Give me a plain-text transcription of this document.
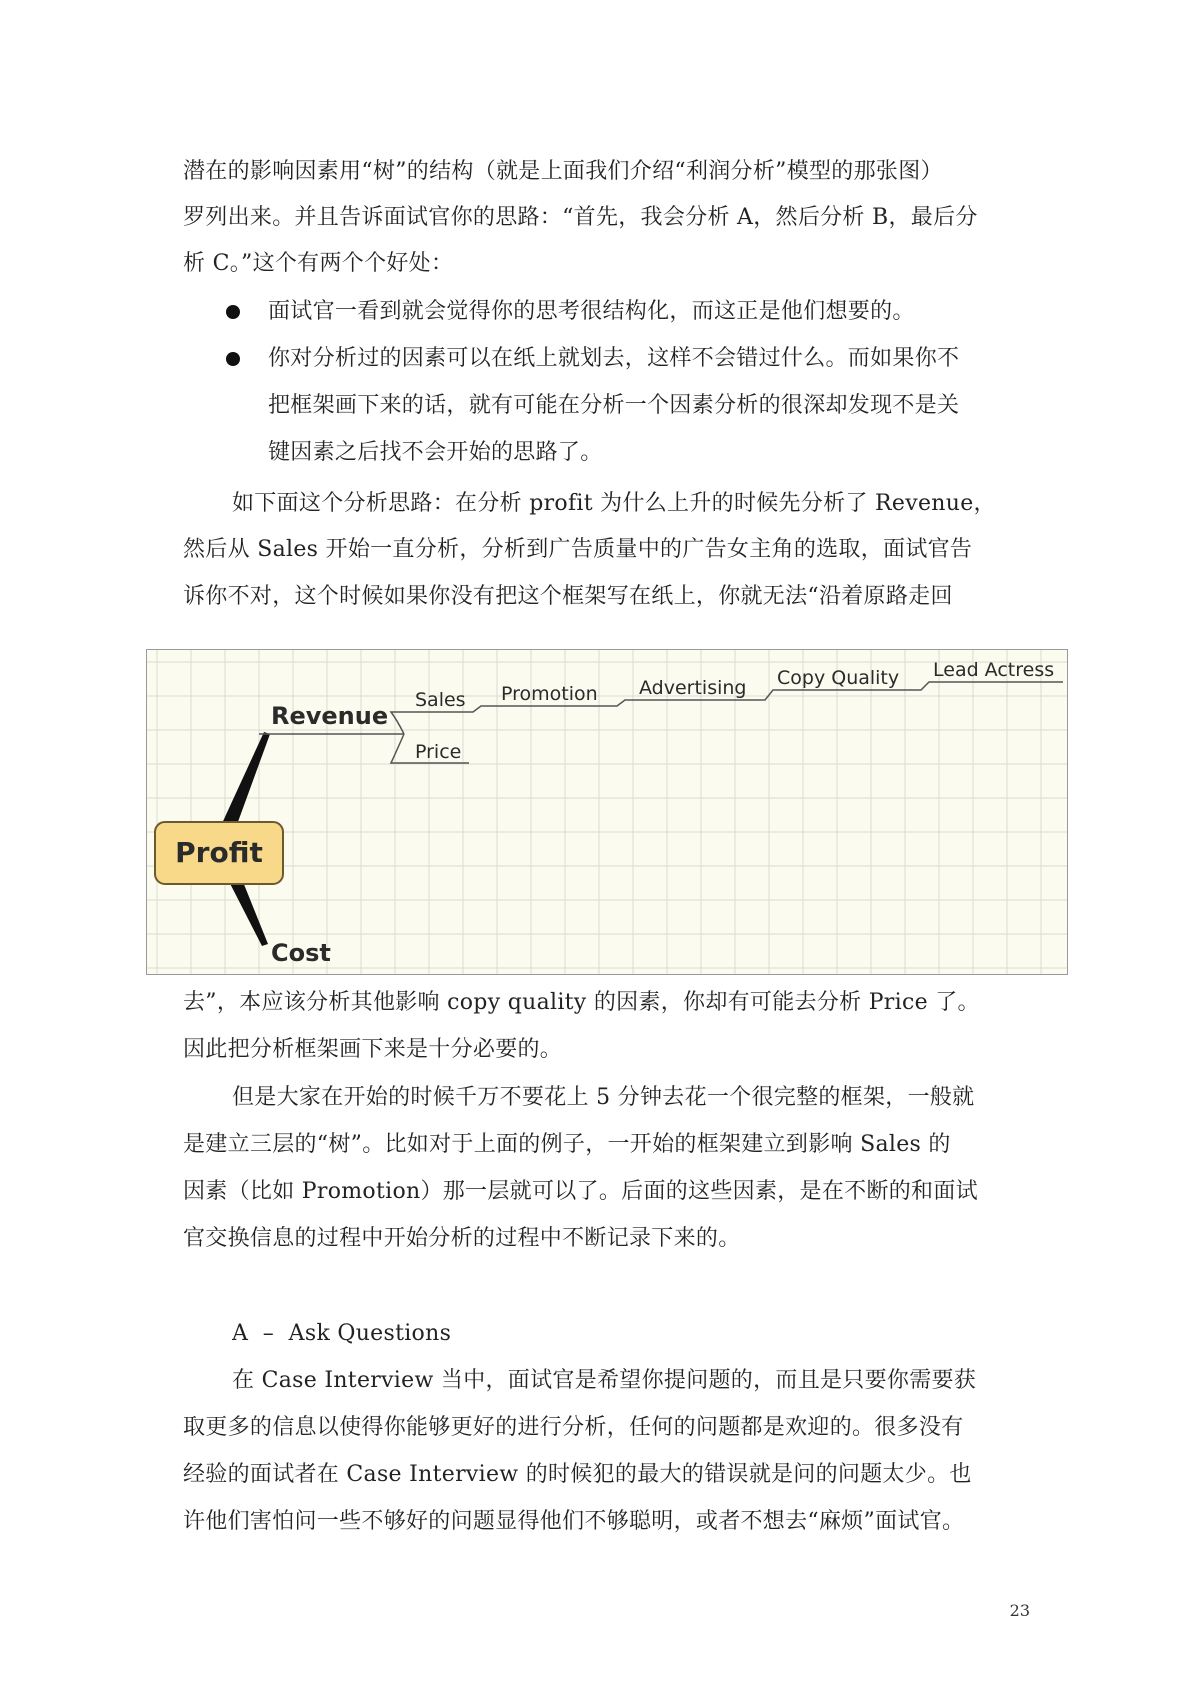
潜在的影响因素用“树”的结构（就是上面我们介绍“利润分析”模型的那张图）
罗列出来。并且告诉面试官你的思路：“首先，我会分析 A，然后分析 B，最后分
析 C。”这个有两个个好处：
面试官一看到就会觉得你的思考很结构化，而这正是他们想要的。
你对分析过的因素可以在纸上就划去，这样不会错过什么。而如果你不
把框架画下来的话，就有可能在分析一个因素分析的很深却发现不是关
键因素之后找不会开始的思路了。
如下面这个分析思路：在分析 profit 为什么上升的时候先分析了 Revenue，
然后从 Sales 开始一直分析，分析到广告质量中的广告女主角的选取，面试官告
诉你不对，这个时候如果你没有把这个框架写在纸上，你就无法“沿着原路走回
Profit
Revenue
Cost
Sales
Price
Promotion Advertising Copy Quality Lead Actress
去”，本应该分析其他影响 copy quality 的因素，你却有可能去分析 Price 了。
因此把分析框架画下来是十分必要的。
但是大家在开始的时候千万不要花上 5 分钟去花一个很完整的框架，一般就
是建立三层的“树”。比如对于上面的例子，一开始的框架建立到影响 Sales 的
因素（比如 Promotion）那一层就可以了。后面的这些因素，是在不断的和面试
官交换信息的过程中开始分析的过程中不断记录下来的。
A  –  Ask Questions
在 Case Interview 当中，面试官是希望你提问题的，而且是只要你需要获
取更多的信息以使得你能够更好的进行分析，任何的问题都是欢迎的。很多没有
经验的面试者在 Case Interview 的时候犯的最大的错误就是问的问题太少。也
许他们害怕问一些不够好的问题显得他们不够聪明，或者不想去“麻烦”面试官。
23
